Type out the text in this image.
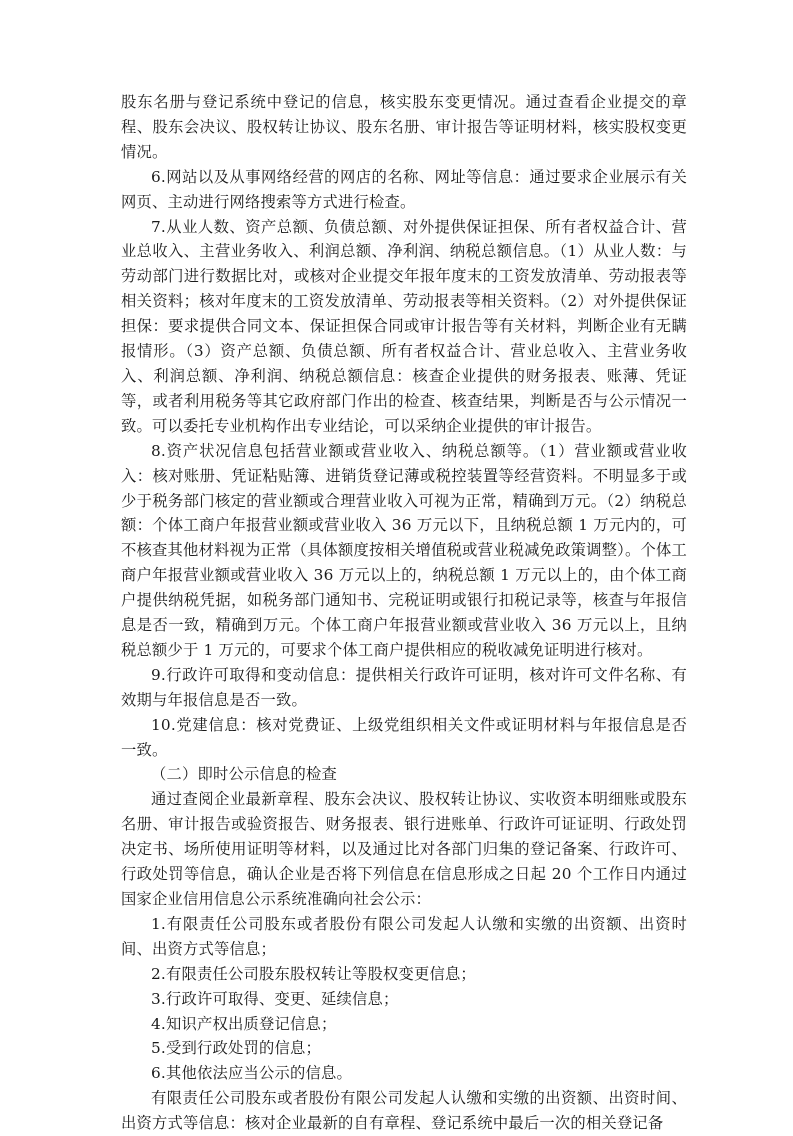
股东名册与登记系统中登记的信息，核实股东变更情况。通过查看企业提交的章程、股东会决议、股权转让协议、股东名册、审计报告等证明材料，核实股权变更情况。

6.网站以及从事网络经营的网店的名称、网址等信息：通过要求企业展示有关网页、主动进行网络搜索等方式进行检查。

7.从业人数、资产总额、负债总额、对外提供保证担保、所有者权益合计、营业总收入、主营业务收入、利润总额、净利润、纳税总额信息。（1）从业人数：与劳动部门进行数据比对，或核对企业提交年报年度末的工资发放清单、劳动报表等相关资料；核对年度末的工资发放清单、劳动报表等相关资料。（2）对外提供保证担保：要求提供合同文本、保证担保合同或审计报告等有关材料，判断企业有无瞒报情形。（3）资产总额、负债总额、所有者权益合计、营业总收入、主营业务收入、利润总额、净利润、纳税总额信息：核查企业提供的财务报表、账薄、凭证等，或者利用税务等其它政府部门作出的检查、核查结果，判断是否与公示情况一致。可以委托专业机构作出专业结论，可以采纳企业提供的审计报告。

8.资产状况信息包括营业额或营业收入、纳税总额等。（1）营业额或营业收入：核对账册、凭证粘贴簿、进销货登记薄或税控装置等经营资料。不明显多于或少于税务部门核定的营业额或合理营业收入可视为正常，精确到万元。（2）纳税总额：个体工商户年报营业额或营业收入 36 万元以下，且纳税总额 1 万元内的，可不核查其他材料视为正常（具体额度按相关增值税或营业税减免政策调整）。个体工商户年报营业额或营业收入 36 万元以上的，纳税总额 1 万元以上的，由个体工商户提供纳税凭据，如税务部门通知书、完税证明或银行扣税记录等，核查与年报信息是否一致，精确到万元。个体工商户年报营业额或营业收入 36 万元以上，且纳税总额少于 1 万元的，可要求个体工商户提供相应的税收减免证明进行核对。

9.行政许可取得和变动信息：提供相关行政许可证明，核对许可文件名称、有效期与年报信息是否一致。

10.党建信息：核对党费证、上级党组织相关文件或证明材料与年报信息是否一致。

（二）即时公示信息的检查

通过查阅企业最新章程、股东会决议、股权转让协议、实收资本明细账或股东名册、审计报告或验资报告、财务报表、银行进账单、行政许可证证明、行政处罚决定书、场所使用证明等材料，以及通过比对各部门归集的登记备案、行政许可、行政处罚等信息，确认企业是否将下列信息在信息形成之日起 20 个工作日内通过国家企业信用信息公示系统准确向社会公示：

1.有限责任公司股东或者股份有限公司发起人认缴和实缴的出资额、出资时间、出资方式等信息；

2.有限责任公司股东股权转让等股权变更信息；

3.行政许可取得、变更、延续信息；

4.知识产权出质登记信息；

5.受到行政处罚的信息；

6.其他依法应当公示的信息。

有限责任公司股东或者股份有限公司发起人认缴和实缴的出资额、出资时间、出资方式等信息：核对企业最新的自有章程、登记系统中最后一次的相关登记备
